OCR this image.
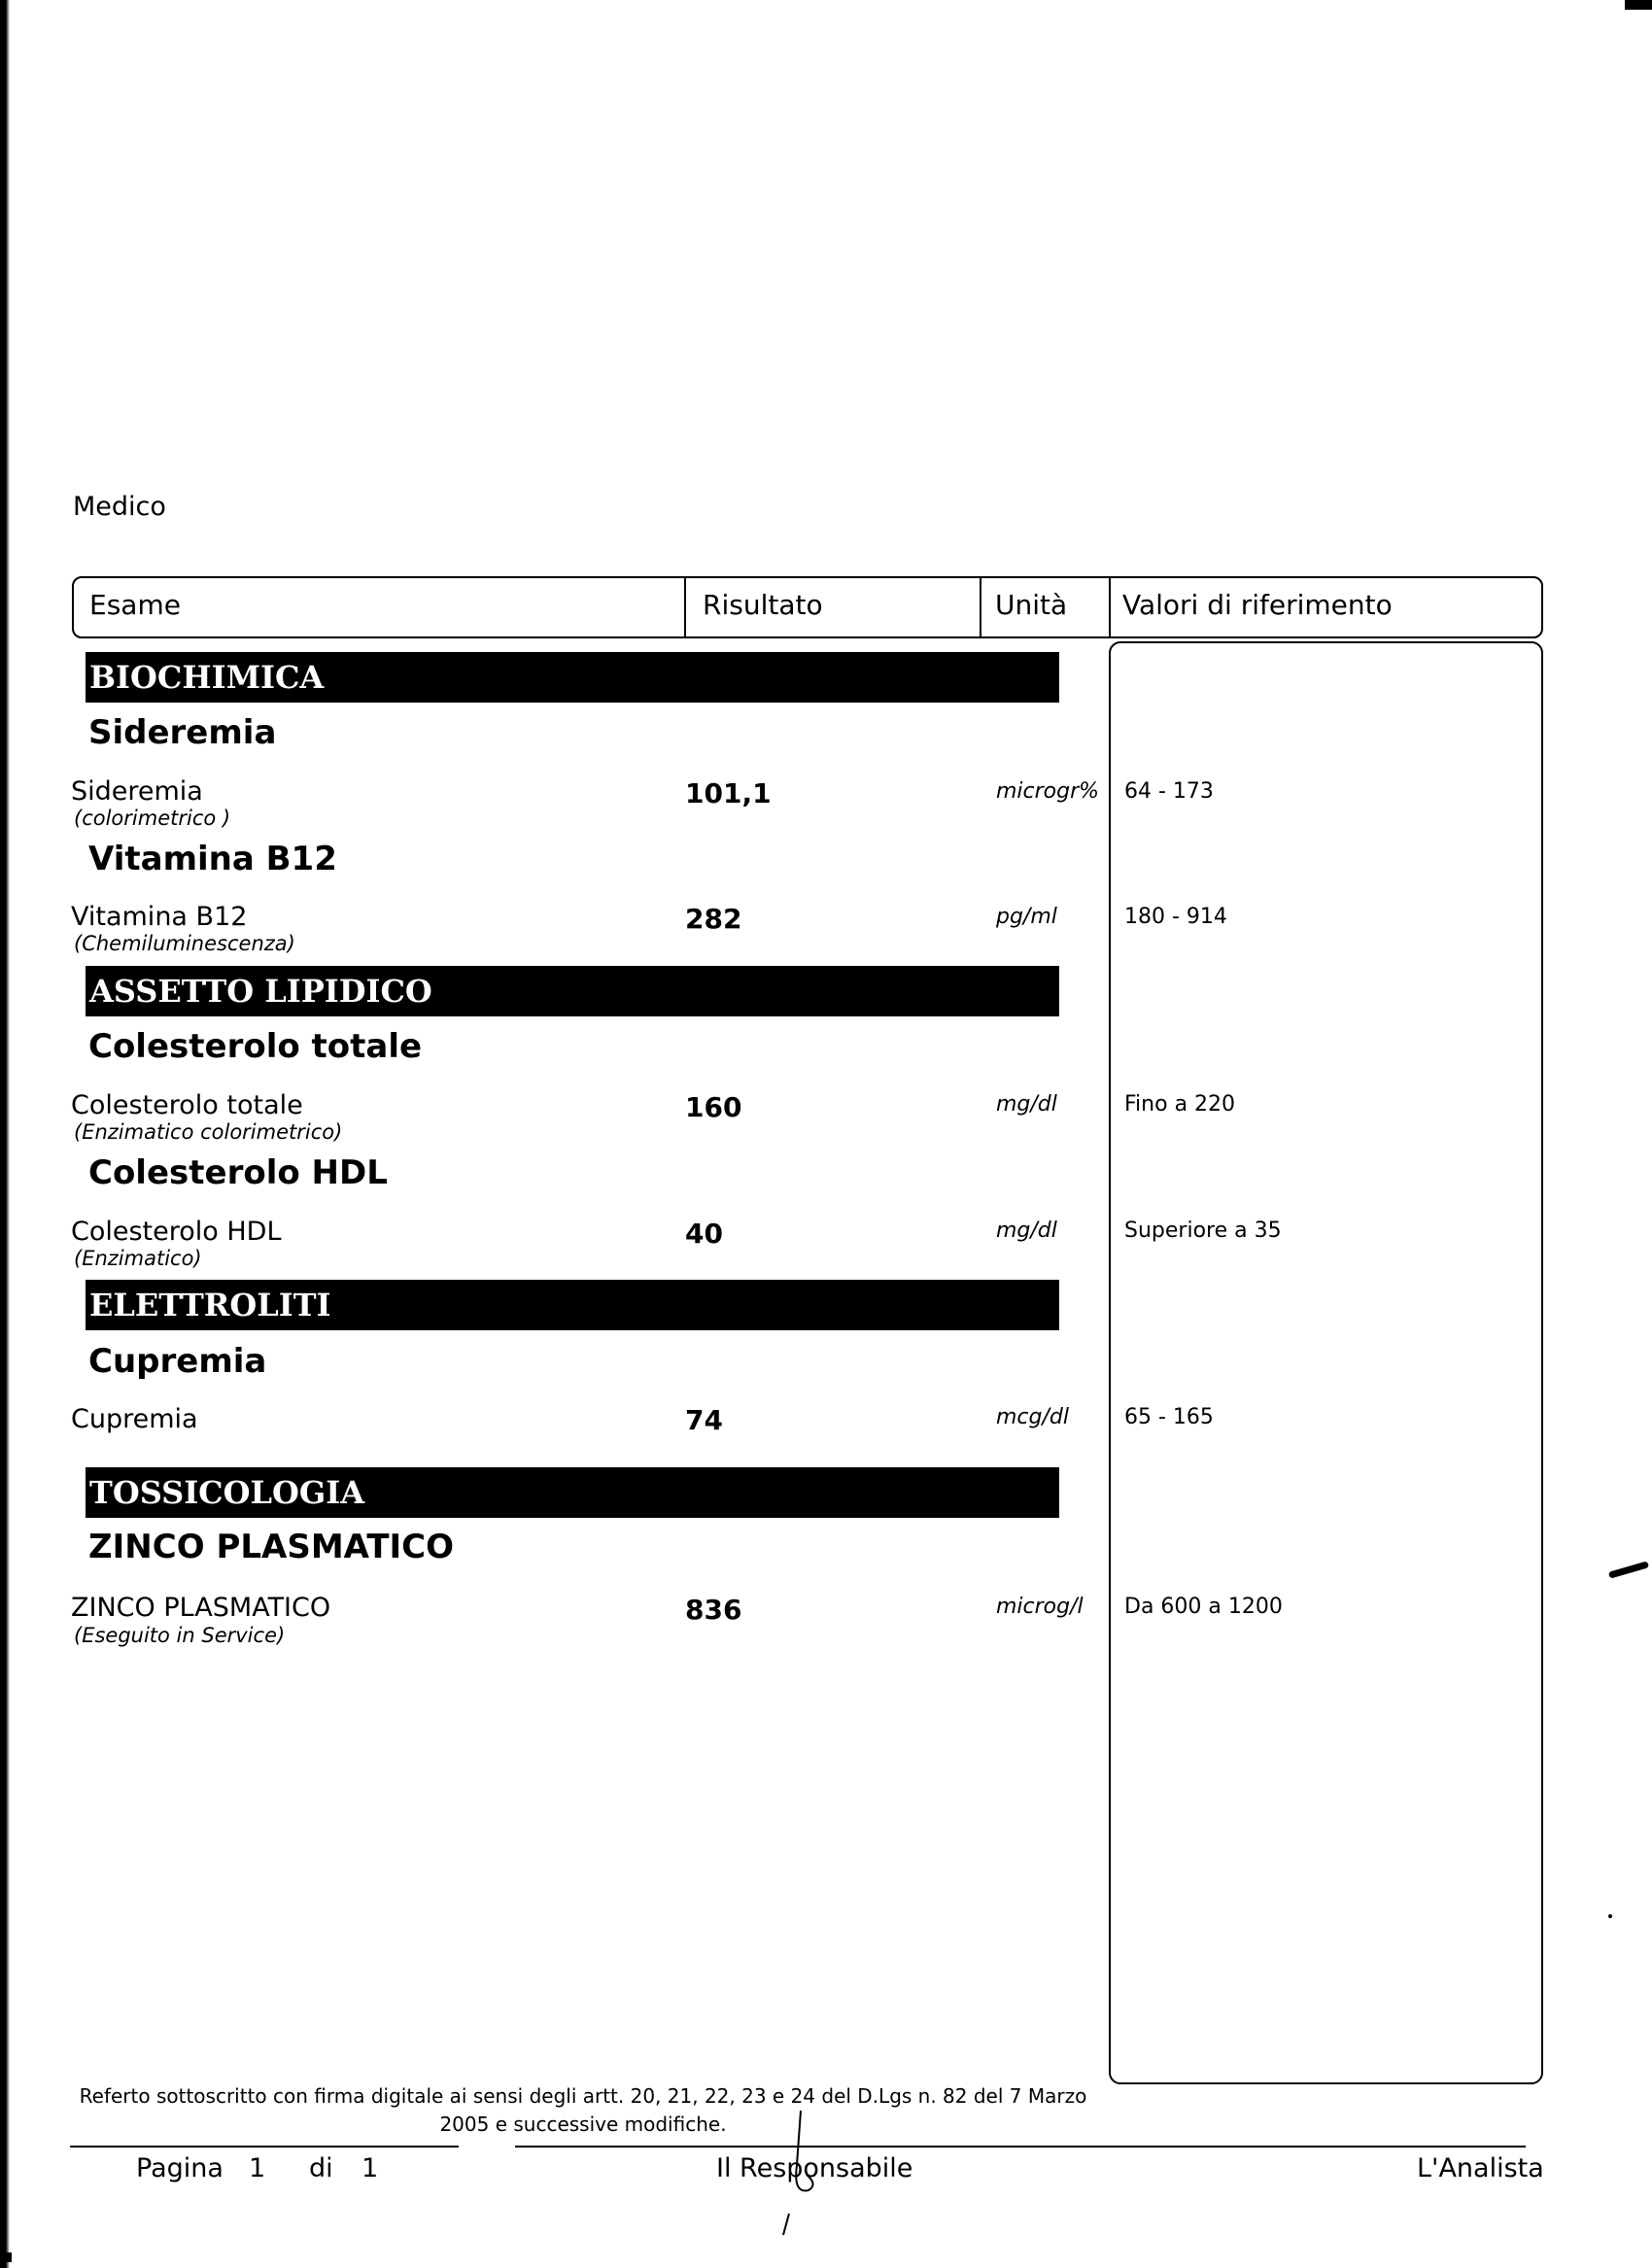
Medico
Esame	Risultato	Unità Valori di riferimento
BIOCHIMICA
Sideremia
Sideremia
(colorimetrico )
101,1	microgr% 64 - 173
Vitamina B12
Vitamina B12
(Chemiluminescenza)
282	pg/ml	180 - 914
ASSETTO LIPIDICO
Colesterolo totale
Colesterolo totale
(Enzimatico colorimetrico)
160	mg/dl	Fino a 220
Colesterolo HDL
Colesterolo HDL
(Enzimatico)
40	mg/dl	Superiore a 35
ELETTROLITI
Cupremia
Cupremia	74	mcg/dl	65 - 165
TOSSICOLOGIA
ZINCO PLASMATICO
ZINCO PLASMATICO
(Eseguito in Service)
836	microg/l Da 600 a 1200
Referto sottoscritto con firma digitale ai sensi degli artt. 20, 21, 22, 23 e 24 del D.Lgs n. 82 del 7 Marzo
2005 e successive modifiche.
Pagina 1 di 1	Il Responsabile	L'Analista
